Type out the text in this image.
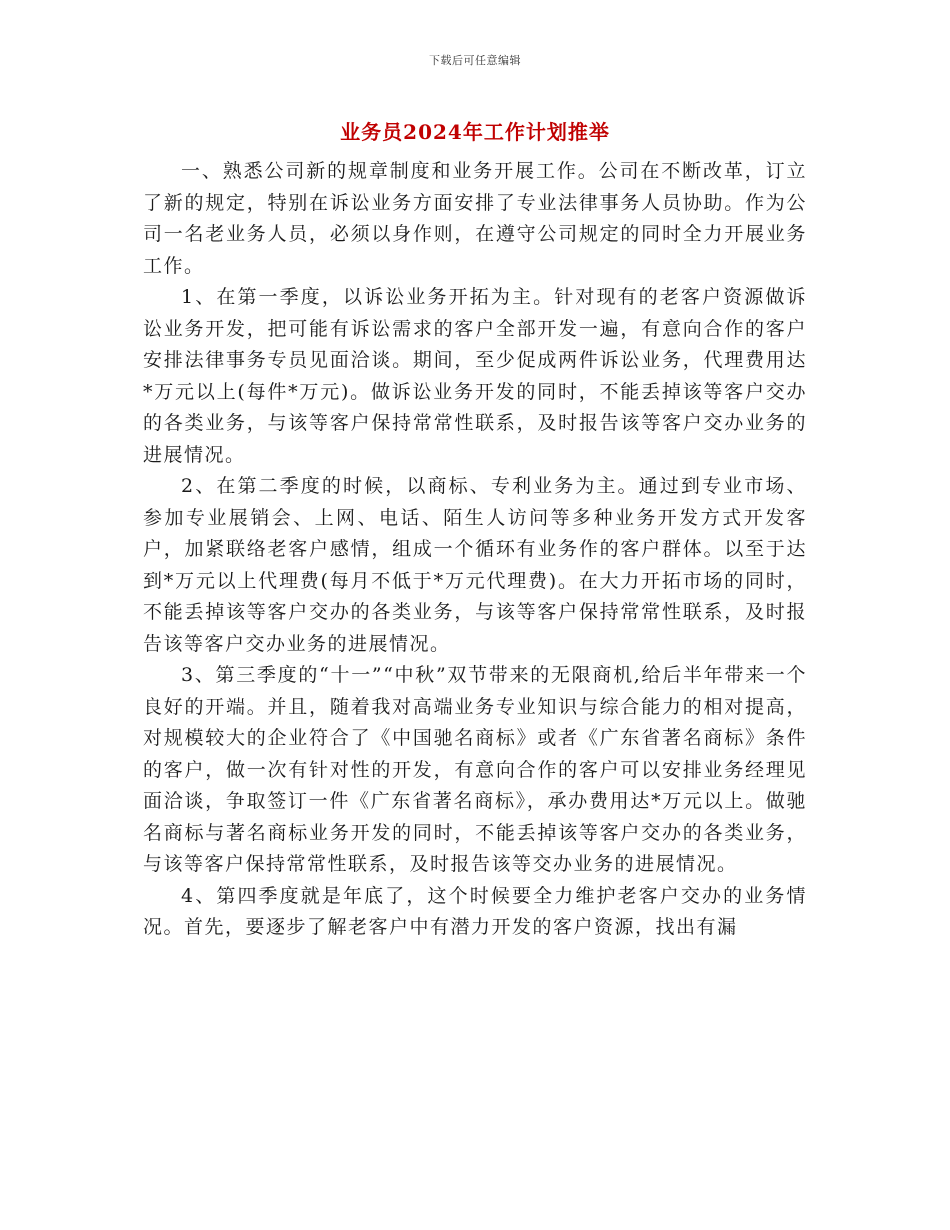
下载后可任意编辑
业务员2024年工作计划推举

一、熟悉公司新的规章制度和业务开展工作。公司在不断改革，订立了新的规定，特别在诉讼业务方面安排了专业法律事务人员协助。作为公司一名老业务人员，必须以身作则，在遵守公司规定的同时全力开展业务工作。

1、在第一季度，以诉讼业务开拓为主。针对现有的老客户资源做诉讼业务开发，把可能有诉讼需求的客户全部开发一遍，有意向合作的客户安排法律事务专员见面洽谈。期间，至少促成两件诉讼业务，代理费用达*万元以上(每件*万元)。做诉讼业务开发的同时，不能丢掉该等客户交办的各类业务，与该等客户保持常常性联系，及时报告该等客户交办业务的进展情况。

2、在第二季度的时候，以商标、专利业务为主。通过到专业市场、参加专业展销会、上网、电话、陌生人访问等多种业务开发方式开发客户，加紧联络老客户感情，组成一个循环有业务作的客户群体。以至于达到*万元以上代理费(每月不低于*万元代理费)。在大力开拓市场的同时，不能丢掉该等客户交办的各类业务，与该等客户保持常常性联系，及时报告该等客户交办业务的进展情况。

3、第三季度的“十一”“中秋”双节带来的无限商机,给后半年带来一个良好的开端。并且，随着我对高端业务专业知识与综合能力的相对提高，对规模较大的企业符合了《中国驰名商标》或者《广东省著名商标》条件的客户，做一次有针对性的开发，有意向合作的客户可以安排业务经理见面洽谈，争取签订一件《广东省著名商标》，承办费用达*万元以上。做驰名商标与著名商标业务开发的同时，不能丢掉该等客户交办的各类业务，与该等客户保持常常性联系，及时报告该等交办业务的进展情况。

4、第四季度就是年底了，这个时候要全力维护老客户交办的业务情况。首先，要逐步了解老客户中有潜力开发的客户资源，找出有漏
